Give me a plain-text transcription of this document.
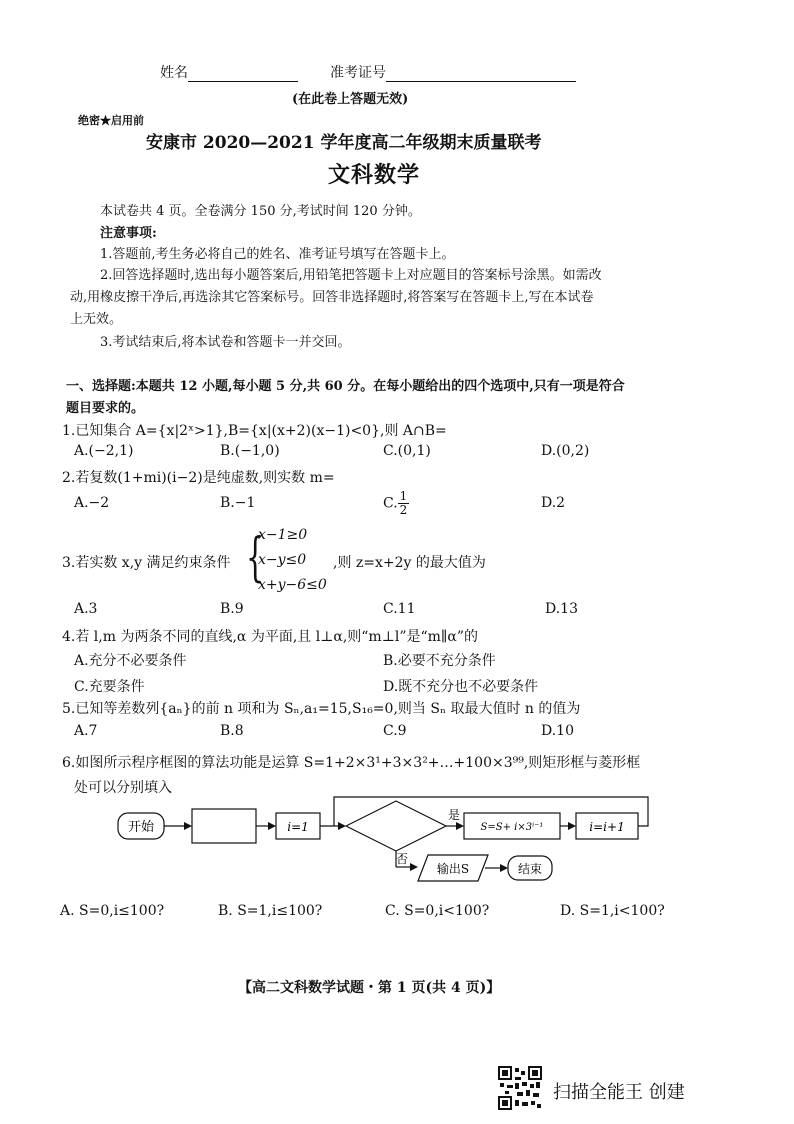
姓名	准考证号
(在此卷上答题无效)
绝密★启用前
安康市 2020—2021 学年度高二年级期末质量联考
文科数学
本试卷共 4 页。全卷满分 150 分,考试时间 120 分钟。
注意事项:
1.答题前,考生务必将自己的姓名、准考证号填写在答题卡上。
2.回答选择题时,选出每小题答案后,用铅笔把答题卡上对应题目的答案标号涂黑。如需改
动,用橡皮擦干净后,再选涂其它答案标号。回答非选择题时,将答案写在答题卡上,写在本试卷
上无效。
3.考试结束后,将本试卷和答题卡一并交回。
一、选择题:本题共 12 小题,每小题 5 分,共 60 分。在每小题给出的四个选项中,只有一项是符合
题目要求的。
1.已知集合 A={x|2ˣ>1},B={x|(x+2)(x−1)<0},则 A∩B=
A.(−2,1)	B.(−1,0)	C.(0,1)	D.(0,2)
2.若复数(1+mi)(i−2)是纯虚数,则实数 m=
A.−2	B.−1	C. $\frac{1}{2}$	D.2
3.若实数 x,y 满足约束条件 {
x−1≥0
x−y≤0
x+y−6≤0
,则 z=x+2y 的最大值为
A.3	B.9	C.11	D.13
4.若 l,m 为两条不同的直线,α 为平面,且 l⊥α,则“m⊥l”是“m∥α”的
A.充分不必要条件	B.必要不充分条件
C.充要条件	D.既不充分也不必要条件
5.已知等差数列{aₙ}的前 n 项和为 Sₙ,a₁=15,S₁₆=0,则当 Sₙ 取最大值时 n 的值为
A.7	B.8	C.9	D.10
6.如图所示程序框图的算法功能是运算 S=1+2×3¹+3×3²+…+100×3⁹⁹,则矩形框与菱形框
处可以分别填入
开始	i=1
是
S=S+ i×3ⁱ⁻¹	i=i+1
否
输出S	结束
A. S=0,i≤100?	B. S=1,i≤100?	C. S=0,i<100?	D. S=1,i<100?
【高二文科数学试题・第 1 页(共 4 页)】
扫描全能王 创建
